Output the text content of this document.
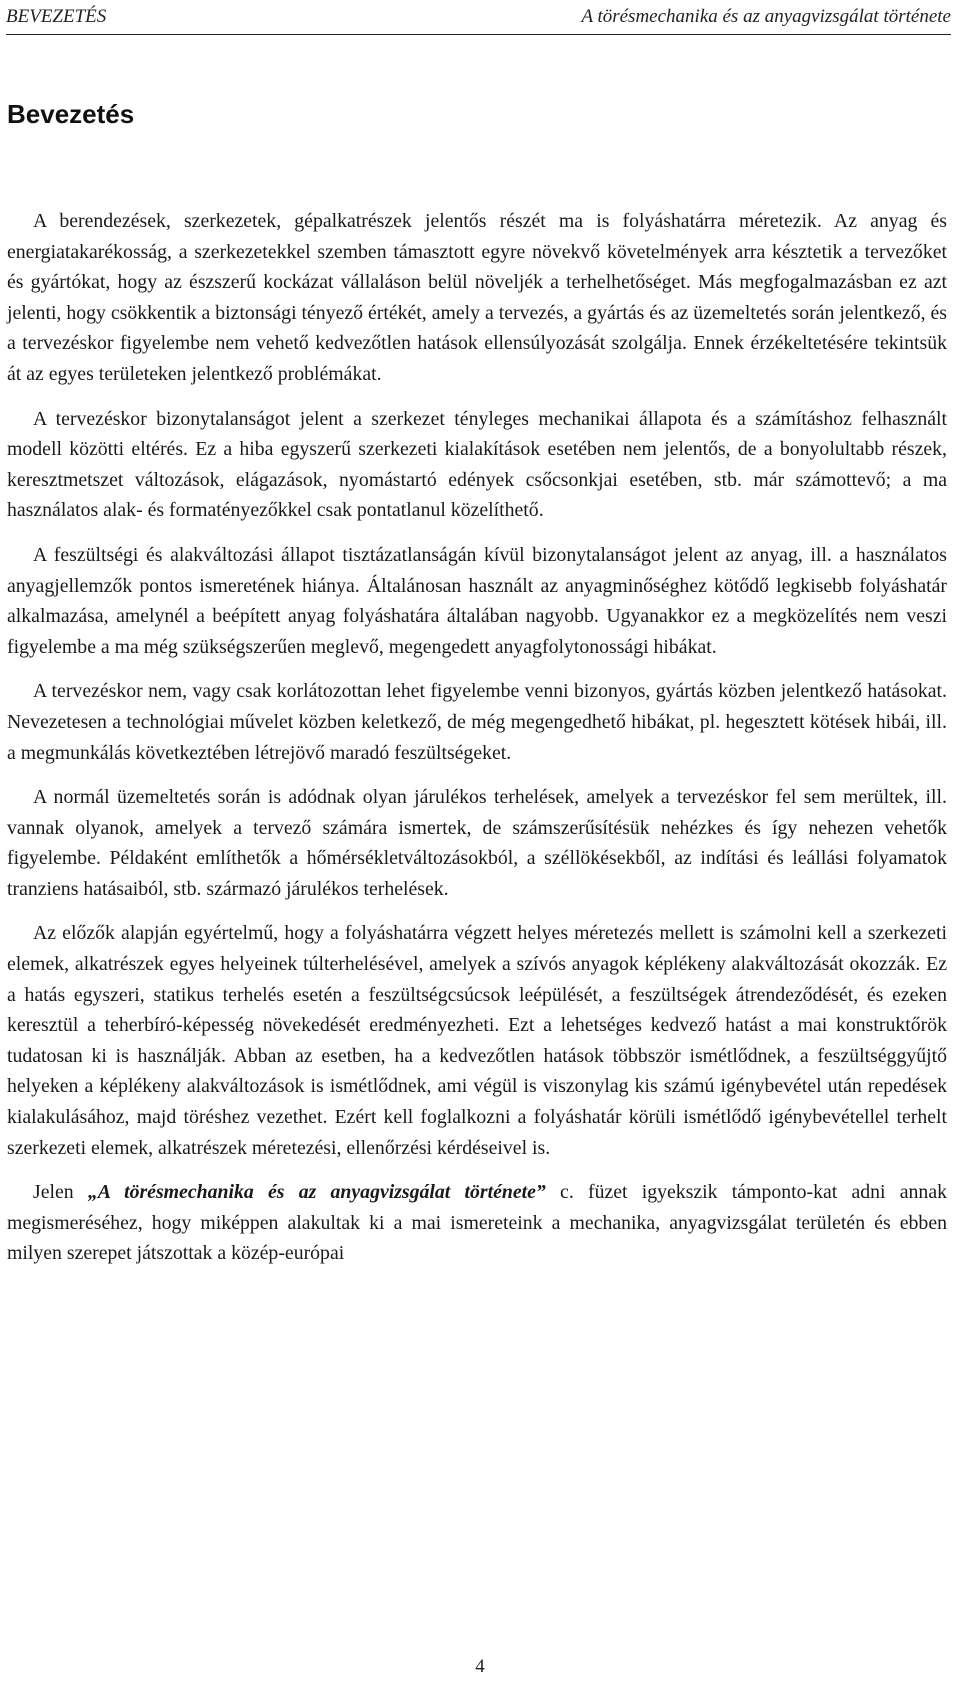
BEVEZETÉS	A törésmechanika és az anyagvizsgálat története
Bevezetés

A berendezések, szerkezetek, gépalkatrészek jelentős részét ma is folyáshatárra méretezik. Az anyag és energiatakarékosság, a szerkezetekkel szemben támasztott egyre növekvő követelmények arra késztetik a tervezőket és gyártókat, hogy az észszerű kockázat vállaláson belül növeljék a terhelhetőséget. Más megfogalmazásban ez azt jelenti, hogy csökkentik a biztonsági tényező értékét, amely a tervezés, a gyártás és az üzemeltetés során jelentkező, és a tervezéskor figyelembe nem vehető kedvezőtlen hatások ellensúlyozását szolgálja. Ennek érzékeltetésére tekintsük át az egyes területeken jelentkező problémákat.

A tervezéskor bizonytalanságot jelent a szerkezet tényleges mechanikai állapota és a számításhoz felhasznált modell közötti eltérés. Ez a hiba egyszerű szerkezeti kialakítások esetében nem jelentős, de a bonyolultabb részek, keresztmetszet változások, elágazások, nyomástartó edények csőcsonkjai esetében, stb. már számottevő; a ma használatos alak- és formatényezőkkel csak pontatlanul közelíthető.

A feszültségi és alakváltozási állapot tisztázatlanságán kívül bizonytalanságot jelent az anyag, ill. a használatos anyagjellemzők pontos ismeretének hiánya. Általánosan használt az anyagminőséghez kötődő legkisebb folyáshatár alkalmazása, amelynél a beépített anyag folyáshatára általában nagyobb. Ugyanakkor ez a megközelítés nem veszi figyelembe a ma még szükségszerűen meglevő, megengedett anyagfolytonossági hibákat.

A tervezéskor nem, vagy csak korlátozottan lehet figyelembe venni bizonyos, gyártás közben jelentkező hatásokat. Nevezetesen a technológiai művelet közben keletkező, de még megengedhető hibákat, pl. hegesztett kötések hibái, ill. a megmunkálás következtében létrejövő maradó feszültségeket.

A normál üzemeltetés során is adódnak olyan járulékos terhelések, amelyek a tervezéskor fel sem merültek, ill. vannak olyanok, amelyek a tervező számára ismertek, de számszerűsítésük nehézkes és így nehezen vehetők figyelembe. Példaként említhetők a hőmérsékletváltozásokból, a széllökésekből, az indítási és leállási folyamatok tranziens hatásaiból, stb. származó járulékos terhelések.

Az előzők alapján egyértelmű, hogy a folyáshatárra végzett helyes méretezés mellett is számolni kell a szerkezeti elemek, alkatrészek egyes helyeinek túlterhelésével, amelyek a szívós anyagok képlékeny alakváltozását okozzák. Ez a hatás egyszeri, statikus terhelés esetén a feszültségcsúcsok leépülését, a feszültségek átrendeződését, és ezeken keresztül a teherbíró-képesség növekedését eredményezheti. Ezt a lehetséges kedvező hatást a mai konstruktőrök tudatosan ki is használják. Abban az esetben, ha a kedvezőtlen hatások többször ismétlődnek, a feszültséggyűjtő helyeken a képlékeny alakváltozások is ismétlődnek, ami végül is viszonylag kis számú igénybevétel után repedések kialakulásához, majd töréshez vezethet. Ezért kell foglalkozni a folyáshatár körüli ismétlődő igénybevétellel terhelt szerkezeti elemek, alkatrészek méretezési, ellenőrzési kérdéseivel is.

Jelen „A törésmechanika és az anyagvizsgálat története” c. füzet igyekszik támponto-kat adni annak megismeréséhez, hogy miképpen alakultak ki a mai ismereteink a mechanika, anyagvizsgálat területén és ebben milyen szerepet játszottak a közép-európai

4
